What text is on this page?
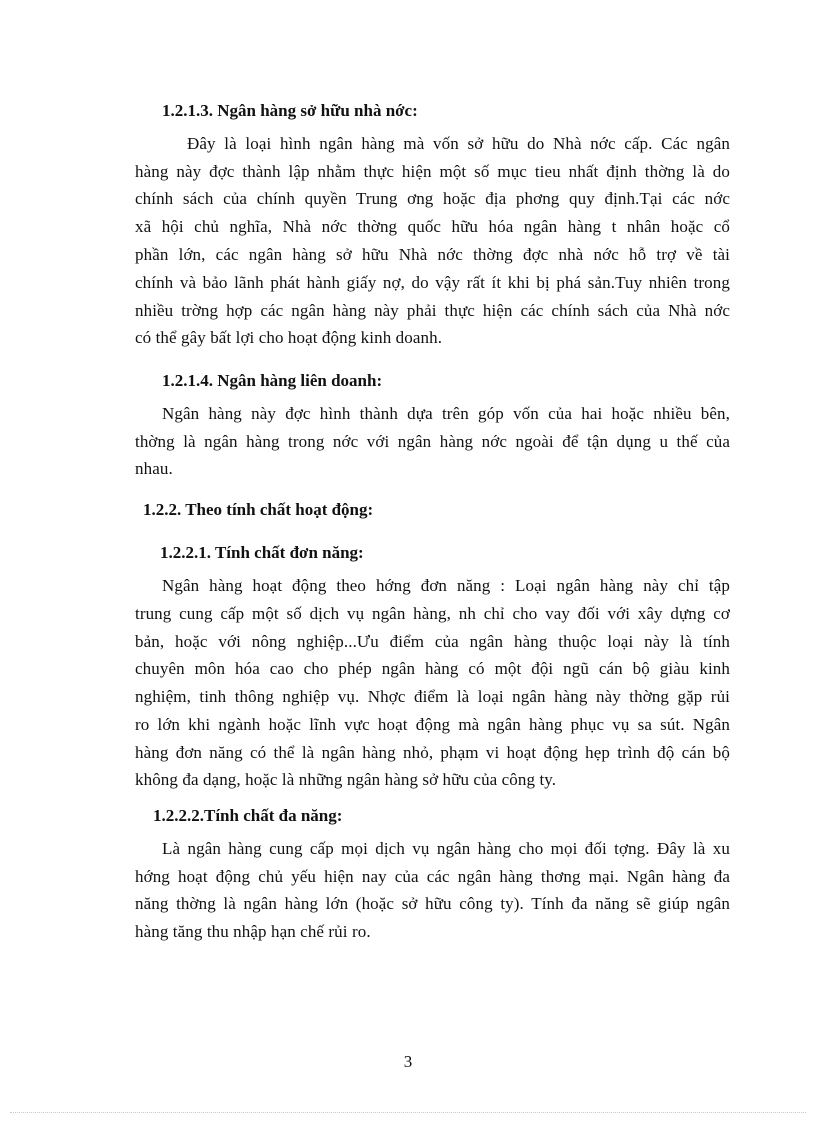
1.2.1.3. Ngân hàng sở hữu nhà nớc:
Đây là loại hình ngân hàng mà vốn sở hữu do Nhà nớc cấp. Các ngân
hàng này đợc thành lập nhằm thực hiện một số mục tieu nhất định thờng là do
chính sách của chính quyền Trung ơng hoặc địa phơng quy định.Tại các nớc
xã hội chủ nghĩa, Nhà nớc thờng quốc hữu hóa ngân hàng t nhân hoặc cổ
phần lớn, các ngân hàng sở hữu Nhà nớc thờng đợc nhà nớc hỗ trợ về tài
chính và bảo lãnh phát hành giấy nợ, do vậy rất ít khi bị phá sản.Tuy nhiên trong
nhiều trờng hợp các ngân hàng này phải thực hiện các chính sách của Nhà nớc
có thể gây bất lợi cho hoạt động kinh doanh.
1.2.1.4. Ngân hàng liên doanh:
Ngân hàng này đợc hình thành dựa trên góp vốn của hai hoặc nhiều bên,
thờng là ngân hàng trong nớc với ngân hàng nớc ngoài để tận dụng u thế của
nhau.
1.2.2. Theo tính chất hoạt động:
1.2.2.1. Tính chất đơn năng:
Ngân hàng hoạt động theo hớng đơn năng : Loại ngân hàng này chỉ tập
trung cung cấp một số dịch vụ ngân hàng, nh chỉ cho vay đối với xây dựng cơ
bản, hoặc với nông nghiệp...Ưu điểm của ngân hàng thuộc loại này là tính
chuyên môn hóa cao cho phép ngân hàng có một đội ngũ cán bộ giàu kinh
nghiệm, tinh thông nghiệp vụ. Nhợc điểm là loại ngân hàng này thờng gặp rủi
ro lớn khi ngành hoặc lĩnh vực hoạt động mà ngân hàng phục vụ sa sút. Ngân
hàng đơn năng có thể là ngân hàng nhỏ, phạm vi hoạt động hẹp trình độ cán bộ
không đa dạng, hoặc là những ngân hàng sở hữu của công ty.
1.2.2.2.Tính chất đa năng:
Là ngân hàng cung cấp mọi dịch vụ ngân hàng cho mọi đối tợng. Đây là xu
hớng hoạt động chủ yếu hiện nay của các ngân hàng thơng mại. Ngân hàng đa
năng thờng là ngân hàng lớn (hoặc sở hữu công ty). Tính đa năng sẽ giúp ngân
hàng tăng thu nhập hạn chế rủi ro.
3
